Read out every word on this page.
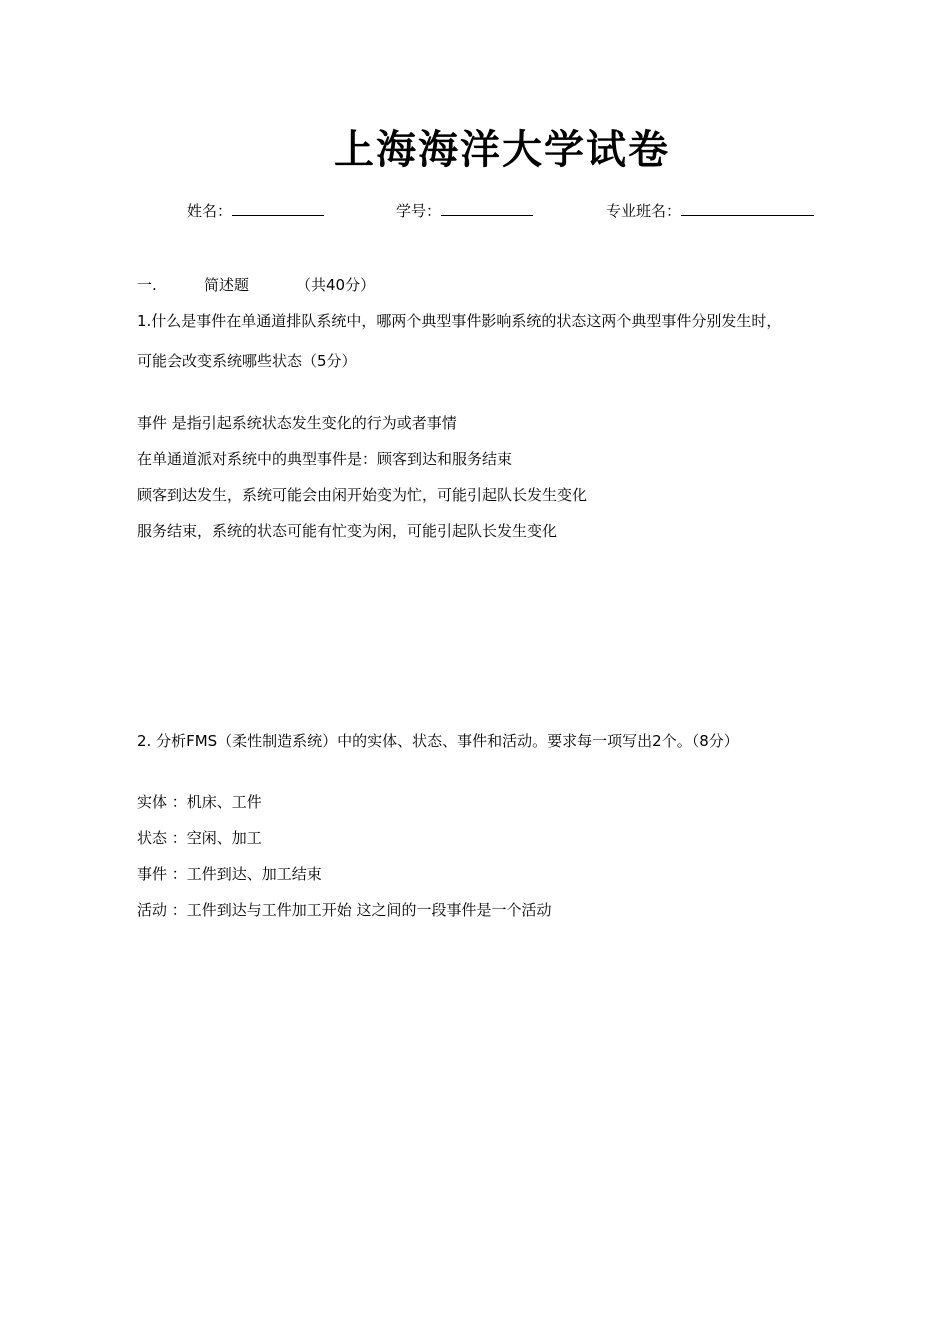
上海海洋大学试卷
姓名：	学号：	专业班名：
一.	简述题	（共40分）

1.什么是事件在单通道排队系统中，哪两个典型事件影响系统的状态这两个典型事件分别发生时，

可能会改变系统哪些状态（5分）

事件 是指引起系统状态发生变化的行为或者事情

在单通道派对系统中的典型事件是：顾客到达和服务结束

顾客到达发生，系统可能会由闲开始变为忙，可能引起队长发生变化

服务结束，系统的状态可能有忙变为闲，可能引起队长发生变化

2. 分析FMS（柔性制造系统）中的实体、状态、事件和活动。要求每一项写出2个。（8分）

实体 ：机床、工件

状态 ：空闲、加工

事件 ：工件到达、加工结束

活动 ：工件到达与工件加工开始 这之间的一段事件是一个活动
